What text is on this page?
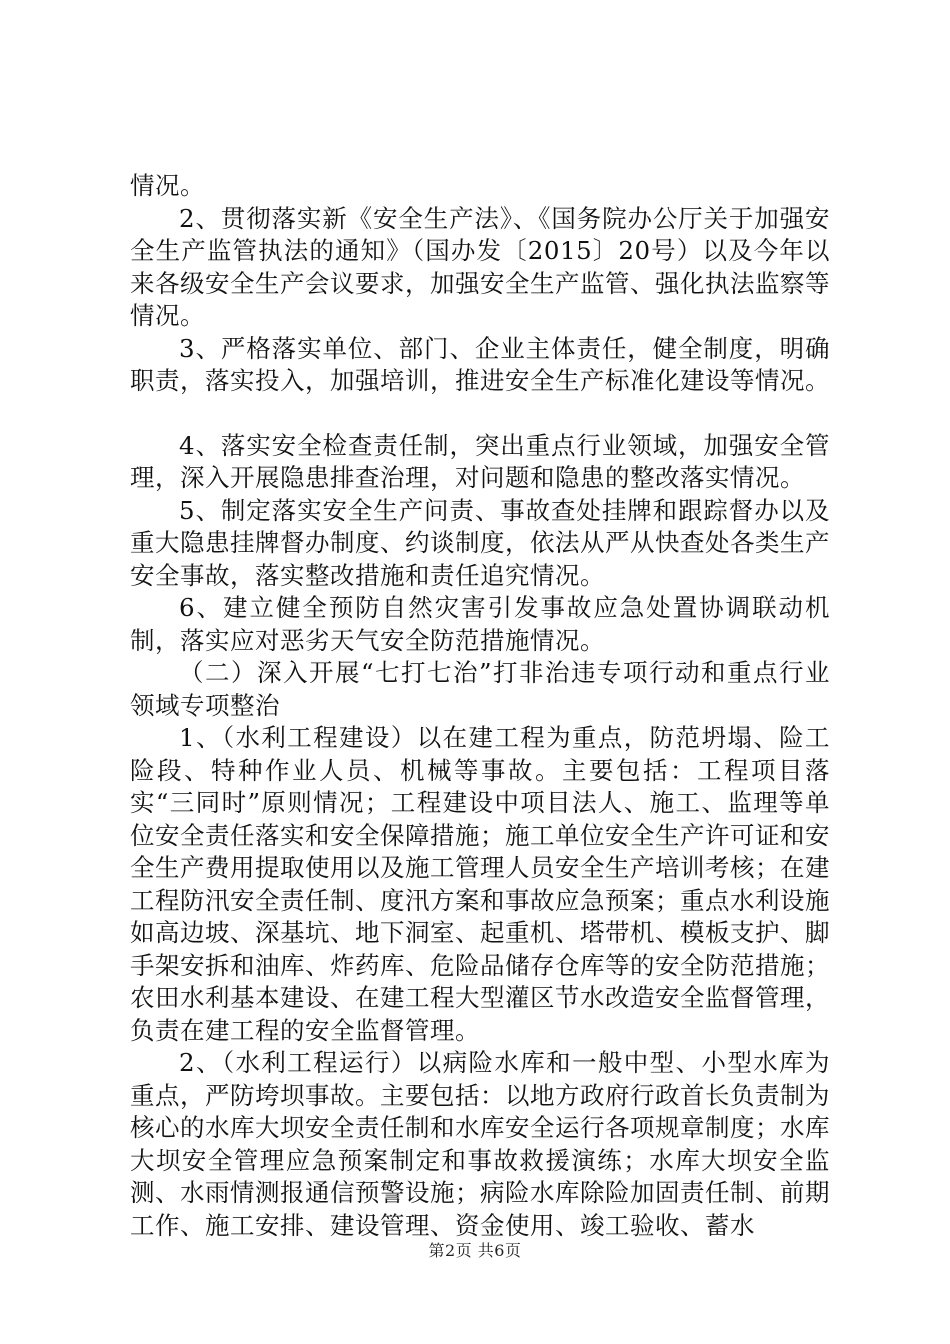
情况。

2、贯彻落实新《安全生产法》、《国务院办公厅关于加强安全生产监管执法的通知》（国办发〔2015〕20号）以及今年以来各级安全生产会议要求，加强安全生产监管、强化执法监察等情况。

3、严格落实单位、部门、企业主体责任，健全制度，明确职责，落实投入，加强培训，推进安全生产标准化建设等情况。

4、落实安全检查责任制，突出重点行业领域，加强安全管理，深入开展隐患排查治理，对问题和隐患的整改落实情况。

5、制定落实安全生产问责、事故查处挂牌和跟踪督办以及重大隐患挂牌督办制度、约谈制度，依法从严从快查处各类生产安全事故，落实整改措施和责任追究情况。

6、建立健全预防自然灾害引发事故应急处置协调联动机制，落实应对恶劣天气安全防范措施情况。

（二）深入开展“七打七治”打非治违专项行动和重点行业领域专项整治

1、（水利工程建设）以在建工程为重点，防范坍塌、险工险段、特种作业人员、机械等事故。主要包括：工程项目落实“三同时”原则情况；工程建设中项目法人、施工、监理等单位安全责任落实和安全保障措施；施工单位安全生产许可证和安全生产费用提取使用以及施工管理人员安全生产培训考核；在建工程防汛安全责任制、度汛方案和事故应急预案；重点水利设施如高边坡、深基坑、地下洞室、起重机、塔带机、模板支护、脚手架安拆和油库、炸药库、危险品储存仓库等的安全防范措施；农田水利基本建设、在建工程大型灌区节水改造安全监督管理，负责在建工程的安全监督管理。

2、（水利工程运行）以病险水库和一般中型、小型水库为重点，严防垮坝事故。主要包括：以地方政府行政首长负责制为核心的水库大坝安全责任制和水库安全运行各项规章制度；水库大坝安全管理应急预案制定和事故救援演练；水库大坝安全监测、水雨情测报通信预警设施；病险水库除险加固责任制、前期工作、施工安排、建设管理、资金使用、竣工验收、蓄水

第2页 共6页
